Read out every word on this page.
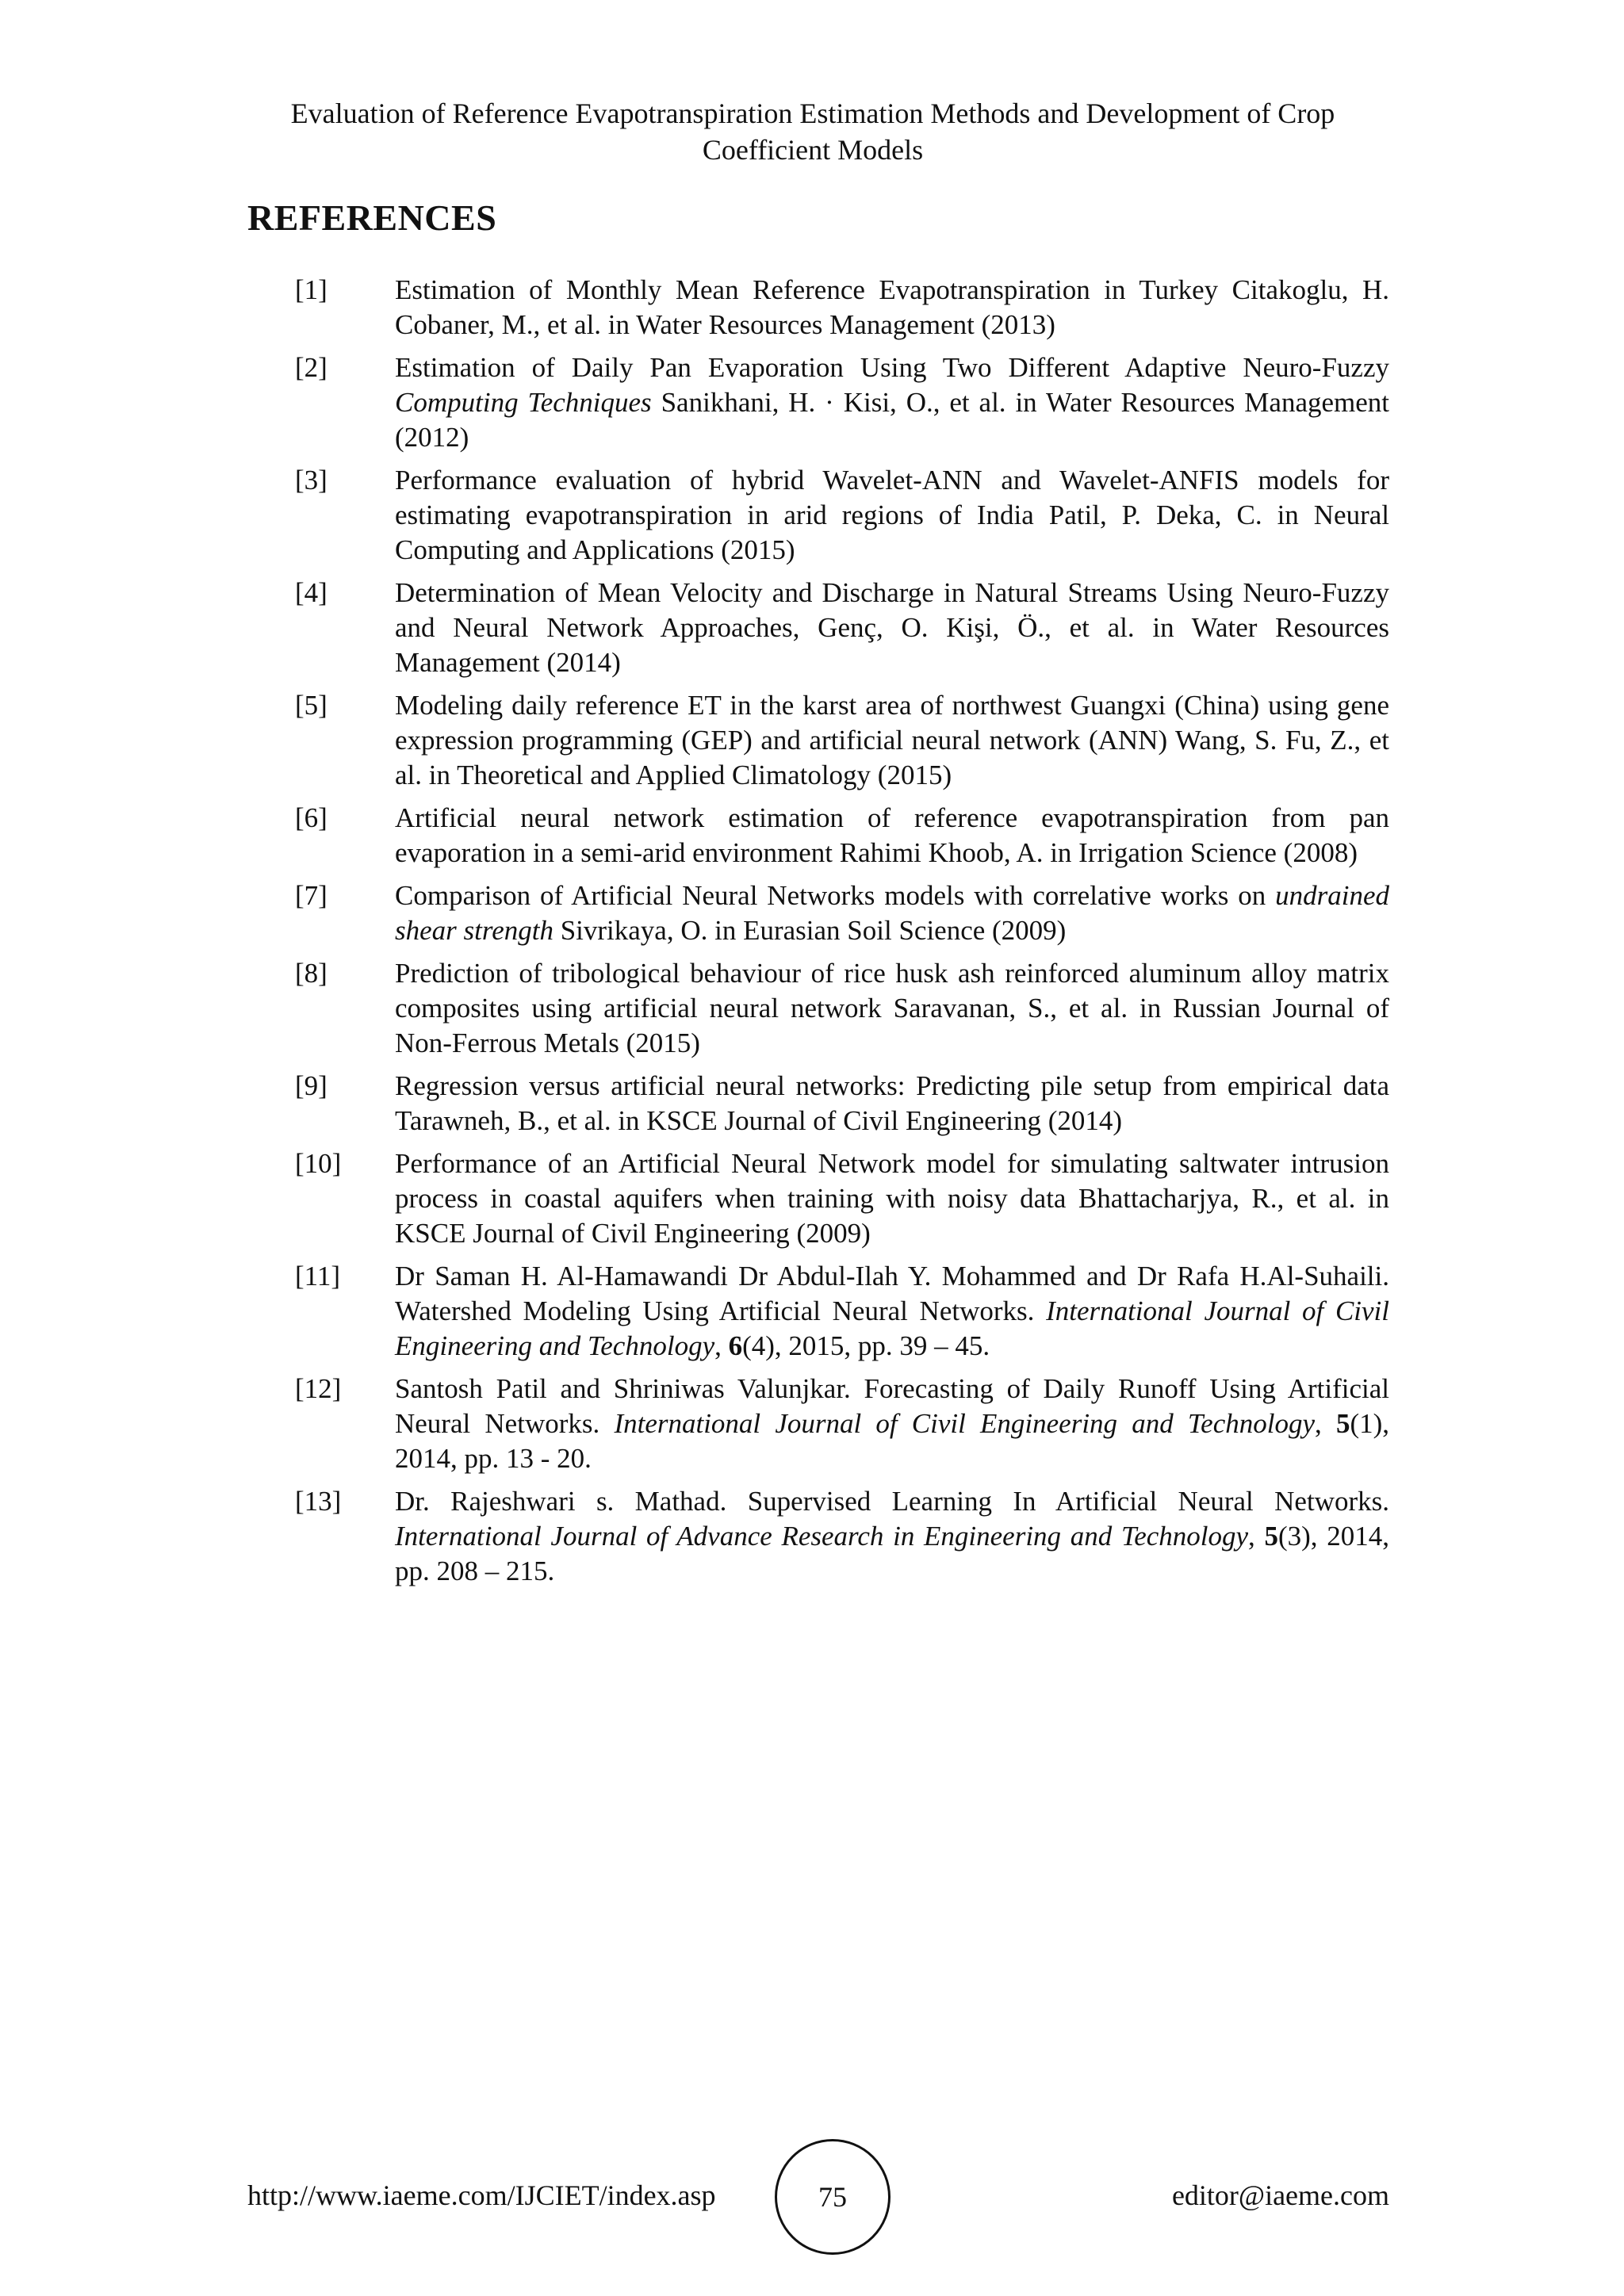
Evaluation of Reference Evapotranspiration Estimation Methods and Development of Crop
Coefficient Models
REFERENCES
[1]	Estimation of Monthly Mean Reference Evapotranspiration in Turkey Citakoglu, H. Cobaner, M., et al. in Water Resources Management (2013)
[2]	Estimation of Daily Pan Evaporation Using Two Different Adaptive Neuro-Fuzzy Computing Techniques Sanikhani, H. · Kisi, O., et al. in Water Resources Management (2012)
[3]	Performance evaluation of hybrid Wavelet-ANN and Wavelet-ANFIS models for estimating evapotranspiration in arid regions of India Patil, P. Deka, C. in Neural Computing and Applications (2015)
[4]	Determination of Mean Velocity and Discharge in Natural Streams Using Neuro-Fuzzy and Neural Network Approaches, Genç, O. Kişi, Ö., et al. in Water Resources Management (2014)
[5]	Modeling daily reference ET in the karst area of northwest Guangxi (China) using gene expression programming (GEP) and artificial neural network (ANN) Wang, S. Fu, Z., et al. in Theoretical and Applied Climatology (2015)
[6]	Artificial neural network estimation of reference evapotranspiration from pan evaporation in a semi-arid environment Rahimi Khoob, A. in Irrigation Science (2008)
[7]	Comparison of Artificial Neural Networks models with correlative works on undrained shear strength Sivrikaya, O. in Eurasian Soil Science (2009)
[8]	Prediction of tribological behaviour of rice husk ash reinforced aluminum alloy matrix composites using artificial neural network Saravanan, S., et al. in Russian Journal of Non-Ferrous Metals (2015)
[9]	Regression versus artificial neural networks: Predicting pile setup from empirical data Tarawneh, B., et al. in KSCE Journal of Civil Engineering (2014)
[10]	Performance of an Artificial Neural Network model for simulating saltwater intrusion process in coastal aquifers when training with noisy data Bhattacharjya, R., et al. in KSCE Journal of Civil Engineering (2009)
[11]	Dr Saman H. Al-Hamawandi Dr Abdul-Ilah Y. Mohammed and Dr Rafa H.Al-Suhaili. Watershed Modeling Using Artificial Neural Networks. International Journal of Civil Engineering and Technology, 6(4), 2015, pp. 39 – 45.
[12]	Santosh Patil and Shriniwas Valunjkar. Forecasting of Daily Runoff Using Artificial Neural Networks. International Journal of Civil Engineering and Technology, 5(1), 2014, pp. 13 - 20.
[13]	Dr. Rajeshwari s. Mathad. Supervised Learning In Artificial Neural Networks. International Journal of Advance Research in Engineering and Technology, 5(3), 2014, pp. 208 – 215.
http://www.iaeme.com/IJCIET/index.asp	75	editor@iaeme.com
